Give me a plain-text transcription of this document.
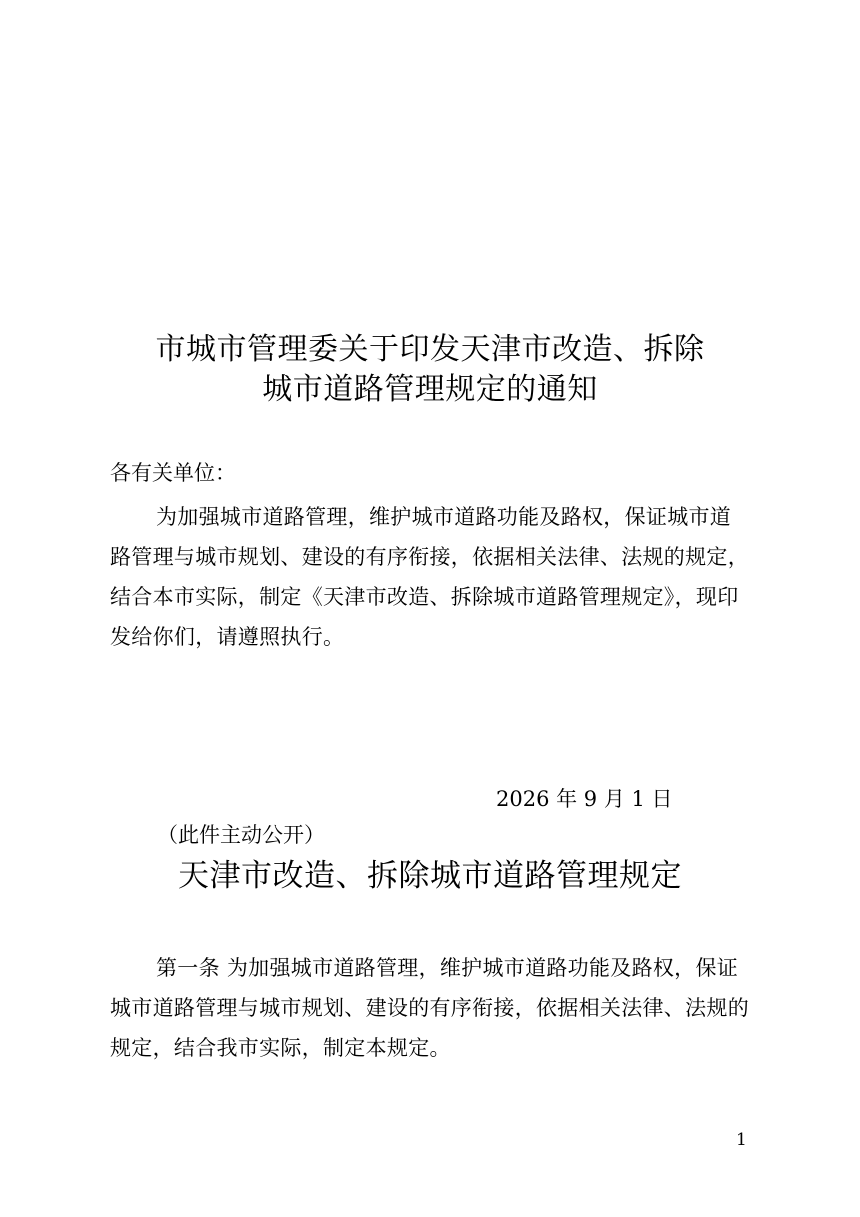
市城市管理委关于印发天津市改造、拆除
城市道路管理规定的通知
各有关单位：

为加强城市道路管理，维护城市道路功能及路权，保证城市道路管理与城市规划、建设的有序衔接，依据相关法律、法规的规定，结合本市实际，制定《天津市改造、拆除城市道路管理规定》，现印发给你们，请遵照执行。

2026 年 9 月 1 日
（此件主动公开）
天津市改造、拆除城市道路管理规定

第一条 为加强城市道路管理，维护城市道路功能及路权，保证城市道路管理与城市规划、建设的有序衔接，依据相关法律、法规的规定，结合我市实际，制定本规定。

1
